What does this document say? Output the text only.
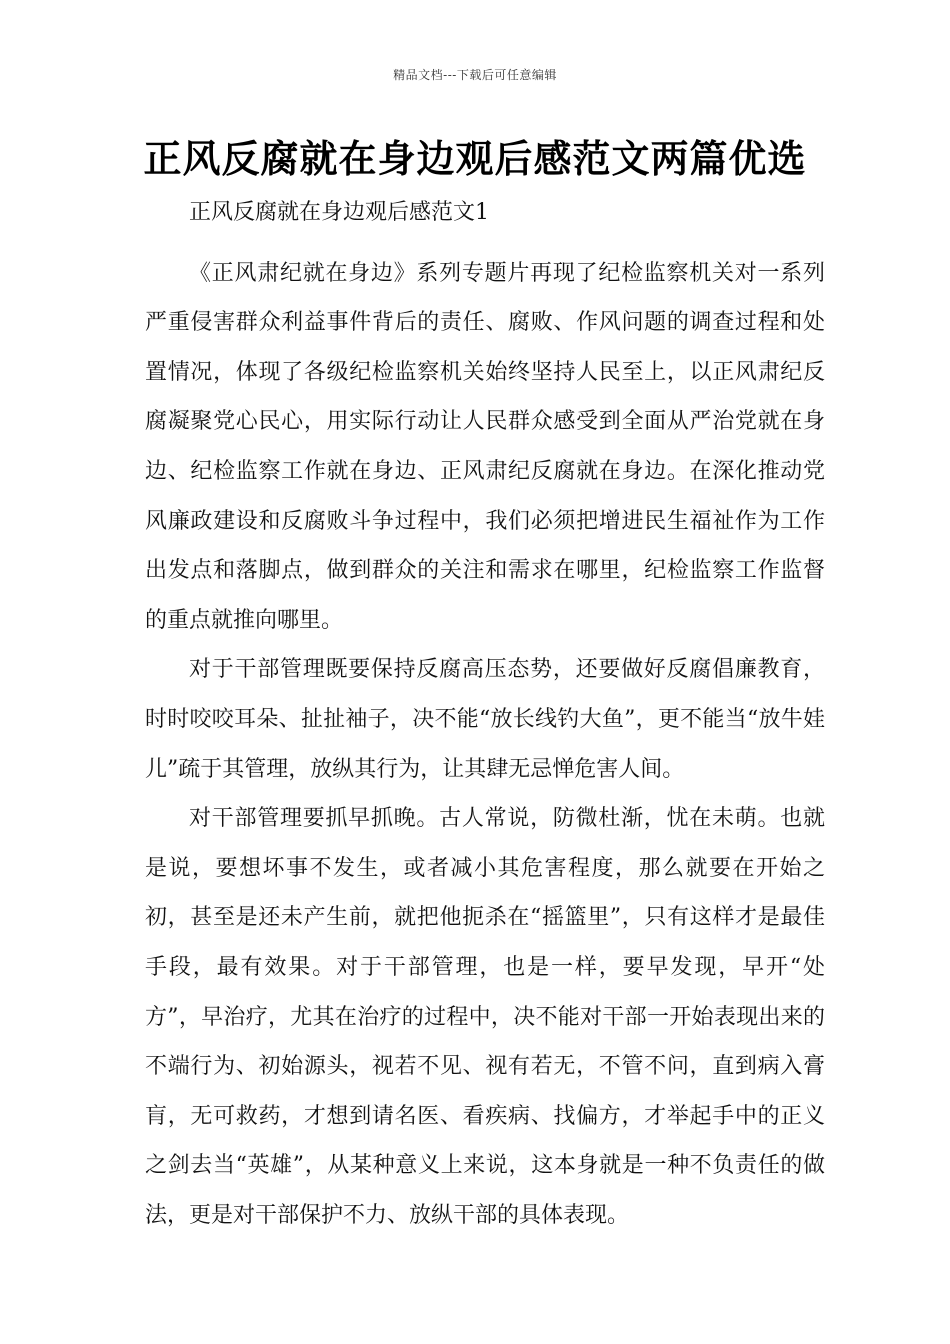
精品文档---下载后可任意编辑
正风反腐就在身边观后感范文两篇优选

正风反腐就在身边观后感范文1

《正风肃纪就在身边》系列专题片再现了纪检监察机关对一系列严重侵害群众利益事件背后的责任、腐败、作风问题的调查过程和处置情况，体现了各级纪检监察机关始终坚持人民至上，以正风肃纪反腐凝聚党心民心，用实际行动让人民群众感受到全面从严治党就在身边、纪检监察工作就在身边、正风肃纪反腐就在身边。在深化推动党风廉政建设和反腐败斗争过程中，我们必须把增进民生福祉作为工作出发点和落脚点，做到群众的关注和需求在哪里，纪检监察工作监督的重点就推向哪里。

对于干部管理既要保持反腐高压态势，还要做好反腐倡廉教育，时时咬咬耳朵、扯扯袖子，决不能“放长线钓大鱼”，更不能当“放牛娃儿”疏于其管理，放纵其行为，让其肆无忌惮危害人间。

对干部管理要抓早抓晚。古人常说，防微杜渐，忧在未萌。也就是说，要想坏事不发生，或者减小其危害程度，那么就要在开始之初，甚至是还未产生前，就把他扼杀在“摇篮里”，只有这样才是最佳手段，最有效果。对于干部管理，也是一样，要早发现，早开“处方”，早治疗，尤其在治疗的过程中，决不能对干部一开始表现出来的不端行为、初始源头，视若不见、视有若无，不管不问，直到病入膏肓，无可救药，才想到请名医、看疾病、找偏方，才举起手中的正义之剑去当“英雄”，从某种意义上来说，这本身就是一种不负责任的做法，更是对干部保护不力、放纵干部的具体表现。
